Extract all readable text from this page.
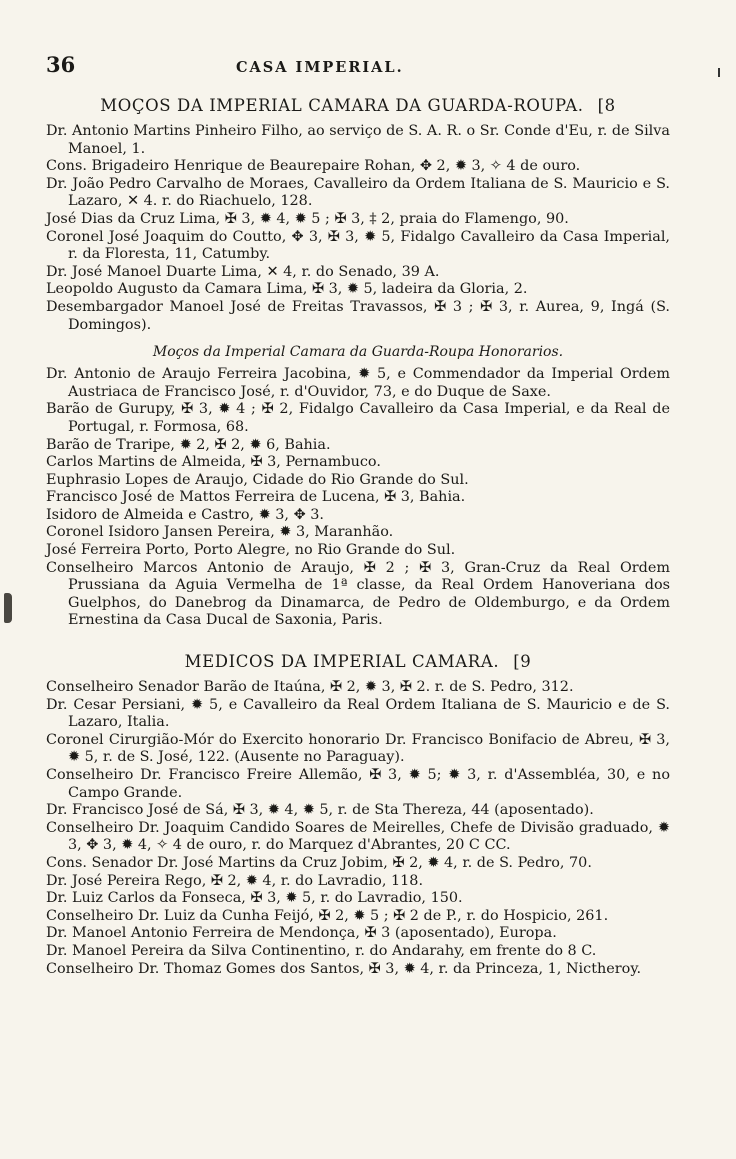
36	CASA IMPERIAL.
MOÇOS DA IMPERIAL CAMARA DA GUARDA-ROUPA. [8
Dr. Antonio Martins Pinheiro Filho, ao serviço de S. A. R. o Sr. Conde d'Eu, r. de Silva Manoel, 1.
Cons. Brigadeiro Henrique de Beaurepaire Rohan, ✥ 2, ✹ 3, ✧ 4 de ouro.
Dr. João Pedro Carvalho de Moraes, Cavalleiro da Ordem Italiana de S. Mauricio e S. Lazaro, ✕ 4. r. do Riachuelo, 128.
José Dias da Cruz Lima, ✠ 3, ✹ 4, ✹ 5 ; ✠ 3, ‡ 2, praia do Flamengo, 90.
Coronel José Joaquim do Coutto, ✥ 3, ✠ 3, ✹ 5, Fidalgo Cavalleiro da Casa Imperial, r. da Floresta, 11, Catumby.
Dr. José Manoel Duarte Lima, ✕ 4, r. do Senado, 39 A.
Leopoldo Augusto da Camara Lima, ✠ 3, ✹ 5, ladeira da Gloria, 2.
Desembargador Manoel José de Freitas Travassos, ✠ 3 ; ✠ 3, r. Aurea, 9, Ingá (S. Domingos).
Moços da Imperial Camara da Guarda-Roupa Honorarios.
Dr. Antonio de Araujo Ferreira Jacobina, ✹ 5, e Commendador da Imperial Ordem Austriaca de Francisco José, r. d'Ouvidor, 73, e do Duque de Saxe.
Barão de Gurupy, ✠ 3, ✹ 4 ; ✠ 2, Fidalgo Cavalleiro da Casa Imperial, e da Real de Portugal, r. Formosa, 68.
Barão de Traripe, ✹ 2, ✠ 2, ✹ 6, Bahia.
Carlos Martins de Almeida, ✠ 3, Pernambuco.
Euphrasio Lopes de Araujo, Cidade do Rio Grande do Sul.
Francisco José de Mattos Ferreira de Lucena, ✠ 3, Bahia.
Isidoro de Almeida e Castro, ✹ 3, ✥ 3.
Coronel Isidoro Jansen Pereira, ✹ 3, Maranhão.
José Ferreira Porto, Porto Alegre, no Rio Grande do Sul.
Conselheiro Marcos Antonio de Araujo, ✠ 2 ; ✠ 3, Gran-Cruz da Real Ordem Prussiana da Aguia Vermelha de 1ª classe, da Real Ordem Hanoveriana dos Guelphos, do Danebrog da Dinamarca, de Pedro de Oldemburgo, e da Ordem Ernestina da Casa Ducal de Saxonia, Paris.
MEDICOS DA IMPERIAL CAMARA. [9
Conselheiro Senador Barão de Itaúna, ✠ 2, ✹ 3, ✠ 2. r. de S. Pedro, 312.
Dr. Cesar Persiani, ✹ 5, e Cavalleiro da Real Ordem Italiana de S. Mauricio e de S. Lazaro, Italia.
Coronel Cirurgião-Mór do Exercito honorario Dr. Francisco Bonifacio de Abreu, ✠ 3, ✹ 5, r. de S. José, 122. (Ausente no Paraguay).
Conselheiro Dr. Francisco Freire Allemão, ✠ 3, ✹ 5; ✹ 3, r. d'Assembléa, 30, e no Campo Grande.
Dr. Francisco José de Sá, ✠ 3, ✹ 4, ✹ 5, r. de Sta Thereza, 44 (aposentado).
Conselheiro Dr. Joaquim Candido Soares de Meirelles, Chefe de Divisão graduado, ✹ 3, ✥ 3, ✹ 4, ✧ 4 de ouro, r. do Marquez d'Abrantes, 20 C CC.
Cons. Senador Dr. José Martins da Cruz Jobim, ✠ 2, ✹ 4, r. de S. Pedro, 70.
Dr. José Pereira Rego, ✠ 2, ✹ 4, r. do Lavradio, 118.
Dr. Luiz Carlos da Fonseca, ✠ 3, ✹ 5, r. do Lavradio, 150.
Conselheiro Dr. Luiz da Cunha Feijó, ✠ 2, ✹ 5 ; ✠ 2 de P., r. do Hospicio, 261.
Dr. Manoel Antonio Ferreira de Mendonça, ✠ 3 (aposentado), Europa.
Dr. Manoel Pereira da Silva Continentino, r. do Andarahy, em frente do 8 C.
Conselheiro Dr. Thomaz Gomes dos Santos, ✠ 3, ✹ 4, r. da Princeza, 1, Nictheroy.
